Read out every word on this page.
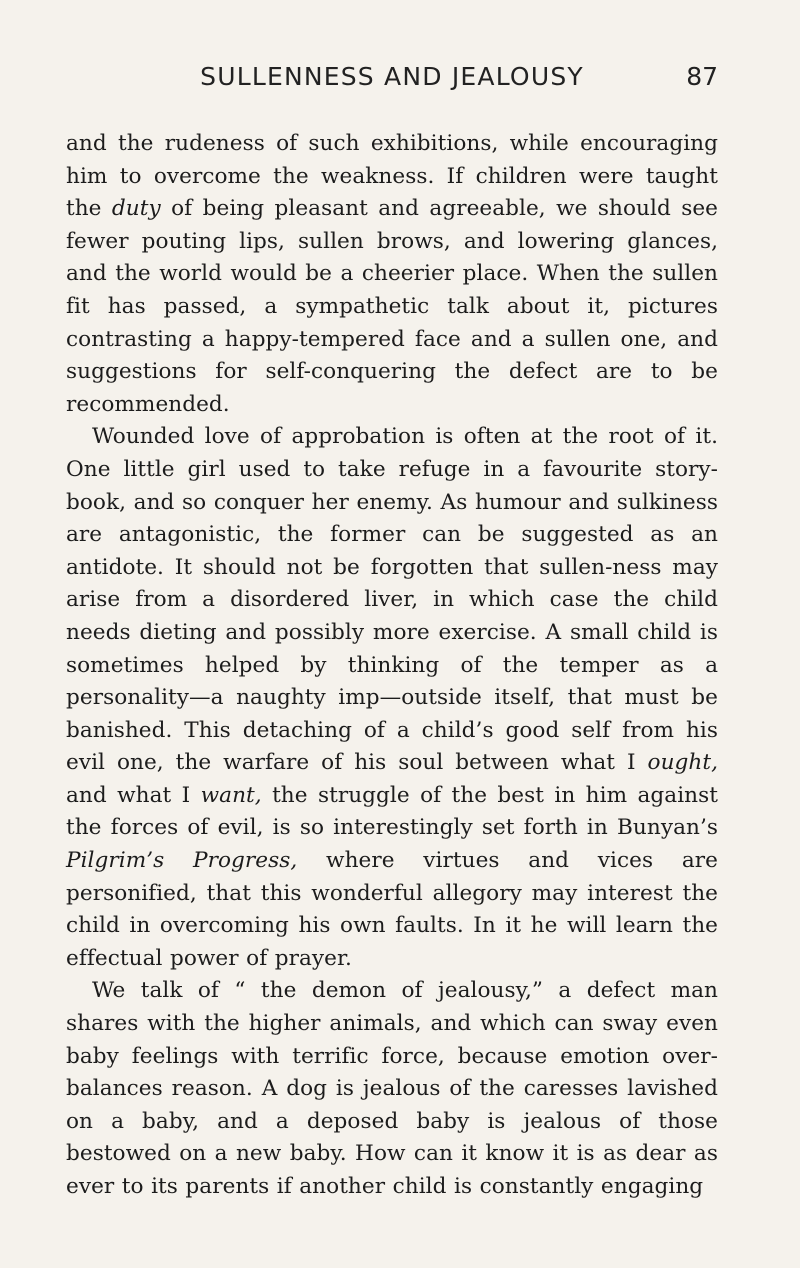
SULLENNESS AND JEALOUSY	87

and the rudeness of such exhibitions, while encouraging him to overcome the weakness. If children were taught the duty of being pleasant and agreeable, we should see fewer pouting lips, sullen brows, and lowering glances, and the world would be a cheerier place. When the sullen fit has passed, a sympathetic talk about it, pictures contrasting a happy-tempered face and a sullen one, and suggestions for self-conquering the defect are to be recommended.

Wounded love of approbation is often at the root of it. One little girl used to take refuge in a favourite story-book, and so conquer her enemy. As humour and sulkiness are antagonistic, the former can be suggested as an antidote. It should not be forgotten that sullen-ness may arise from a disordered liver, in which case the child needs dieting and possibly more exercise. A small child is sometimes helped by thinking of the temper as a personality—a naughty imp—outside itself, that must be banished. This detaching of a child’s good self from his evil one, the warfare of his soul between what I ought, and what I want, the struggle of the best in him against the forces of evil, is so interestingly set forth in Bunyan’s Pilgrim’s Progress, where virtues and vices are personified, that this wonderful allegory may interest the child in overcoming his own faults. In it he will learn the effectual power of prayer.

We talk of “ the demon of jealousy,” a defect man shares with the higher animals, and which can sway even baby feelings with terrific force, because emotion over-balances reason. A dog is jealous of the caresses lavished on a baby, and a deposed baby is jealous of those bestowed on a new baby. How can it know it is as dear as ever to its parents if another child is constantly engaging
